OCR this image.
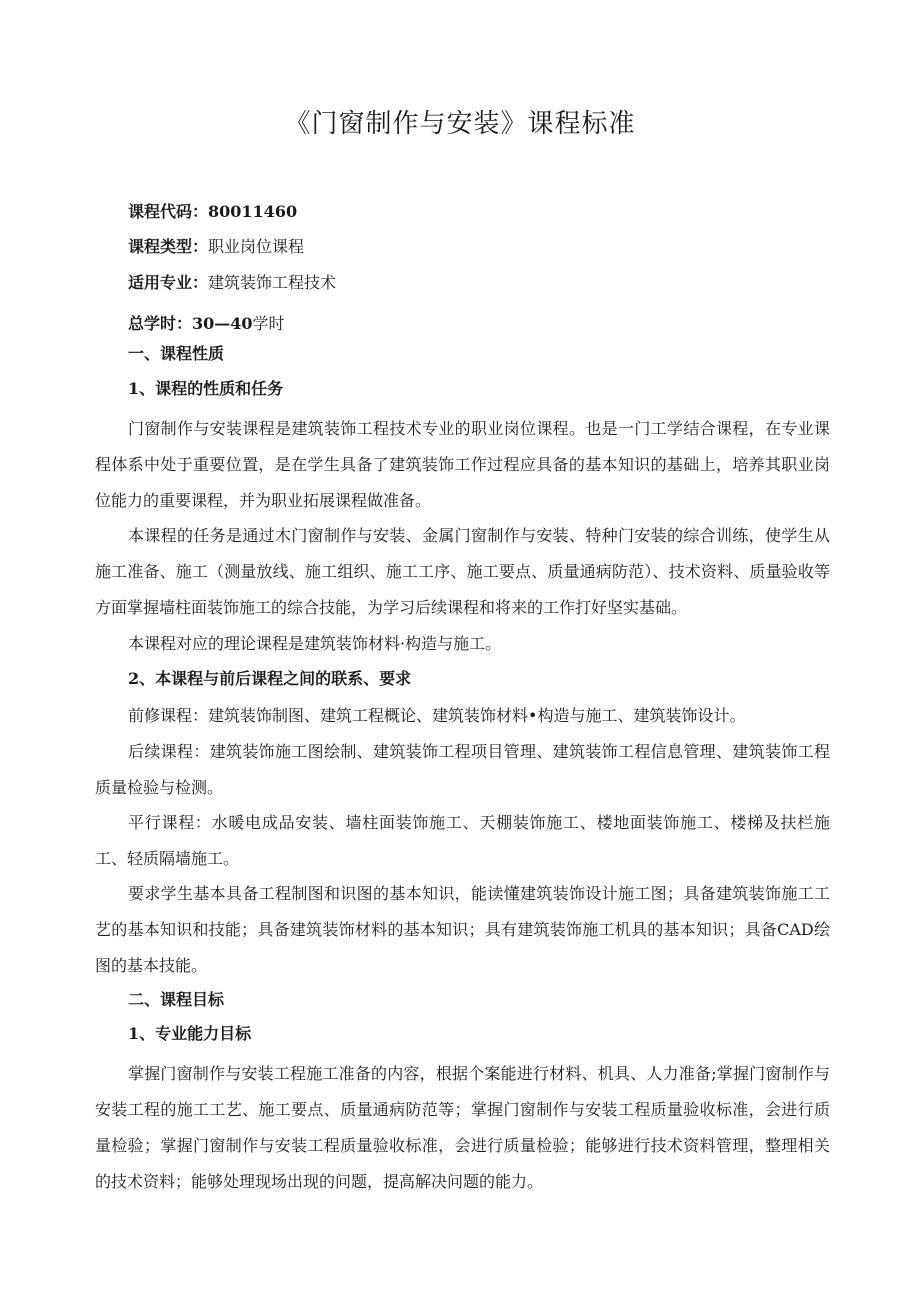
《门窗制作与安装》课程标准
课程代码：80011460
课程类型：职业岗位课程
适用专业：建筑装饰工程技术
总学时：30—40学时
一、课程性质
1、课程的性质和任务

门窗制作与安装课程是建筑装饰工程技术专业的职业岗位课程。也是一门工学结合课程，在专业课程体系中处于重要位置，是在学生具备了建筑装饰工作过程应具备的基本知识的基础上，培养其职业岗位能力的重要课程，并为职业拓展课程做准备。

本课程的任务是通过木门窗制作与安装、金属门窗制作与安装、特种门安装的综合训练，使学生从施工准备、施工（测量放线、施工组织、施工工序、施工要点、质量通病防范）、技术资料、质量验收等方面掌握墙柱面装饰施工的综合技能，为学习后续课程和将来的工作打好坚实基础。

本课程对应的理论课程是建筑装饰材料·构造与施工。

2、本课程与前后课程之间的联系、要求

前修课程：建筑装饰制图、建筑工程概论、建筑装饰材料•构造与施工、建筑装饰设计。

后续课程：建筑装饰施工图绘制、建筑装饰工程项目管理、建筑装饰工程信息管理、建筑装饰工程质量检验与检测。

平行课程：水暖电成品安装、墙柱面装饰施工、天棚装饰施工、楼地面装饰施工、楼梯及扶栏施工、轻质隔墙施工。

要求学生基本具备工程制图和识图的基本知识，能读懂建筑装饰设计施工图；具备建筑装饰施工工艺的基本知识和技能；具备建筑装饰材料的基本知识；具有建筑装饰施工机具的基本知识；具备CAD绘图的基本技能。

二、课程目标
1、专业能力目标

掌握门窗制作与安装工程施工准备的内容，根据个案能进行材料、机具、人力准备;掌握门窗制作与安装工程的施工工艺、施工要点、质量通病防范等；掌握门窗制作与安装工程质量验收标准，会进行质量检验；掌握门窗制作与安装工程质量验收标准，会进行质量检验；能够进行技术资料管理，整理相关的技术资料；能够处理现场出现的问题，提高解决问题的能力。
